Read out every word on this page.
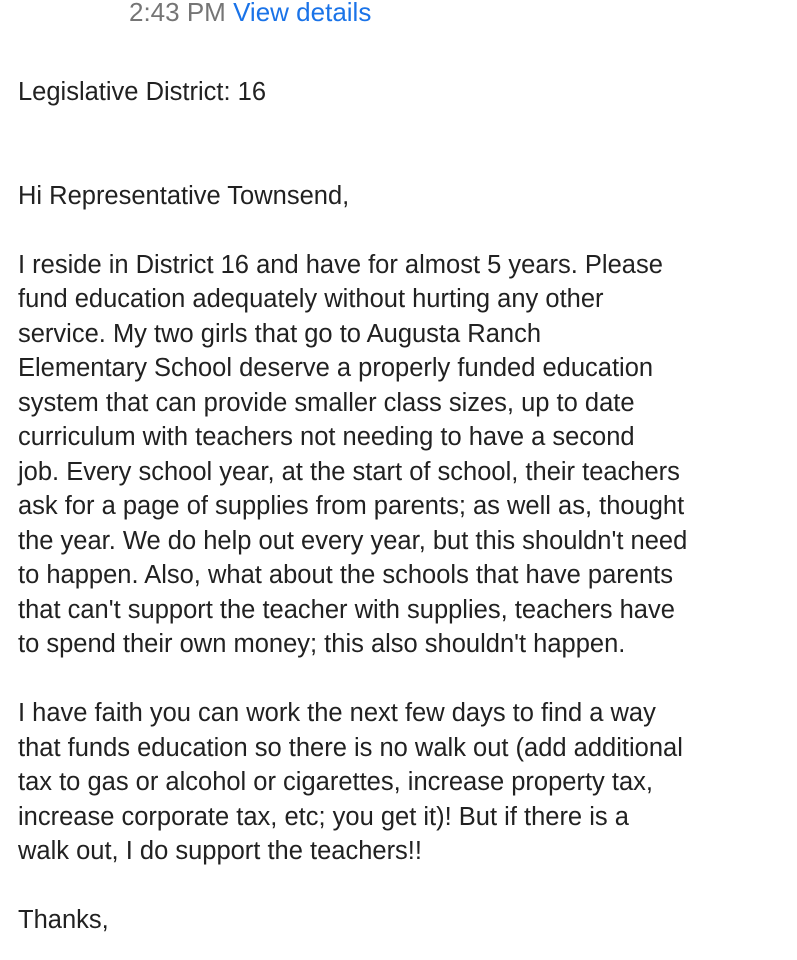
2:43 PM View details
Legislative District: 16
Hi Representative Townsend,
I reside in District 16 and have for almost 5 years. Please
fund education adequately without hurting any other
service. My two girls that go to Augusta Ranch
Elementary School deserve a properly funded education
system that can provide smaller class sizes, up to date
curriculum with teachers not needing to have a second
job. Every school year, at the start of school, their teachers
ask for a page of supplies from parents; as well as, thought
the year. We do help out every year, but this shouldn't need
to happen. Also, what about the schools that have parents
that can't support the teacher with supplies, teachers have
to spend their own money; this also shouldn't happen.
I have faith you can work the next few days to find a way
that funds education so there is no walk out (add additional
tax to gas or alcohol or cigarettes, increase property tax,
increase corporate tax, etc; you get it)! But if there is a
walk out, I do support the teachers!!
Thanks,
